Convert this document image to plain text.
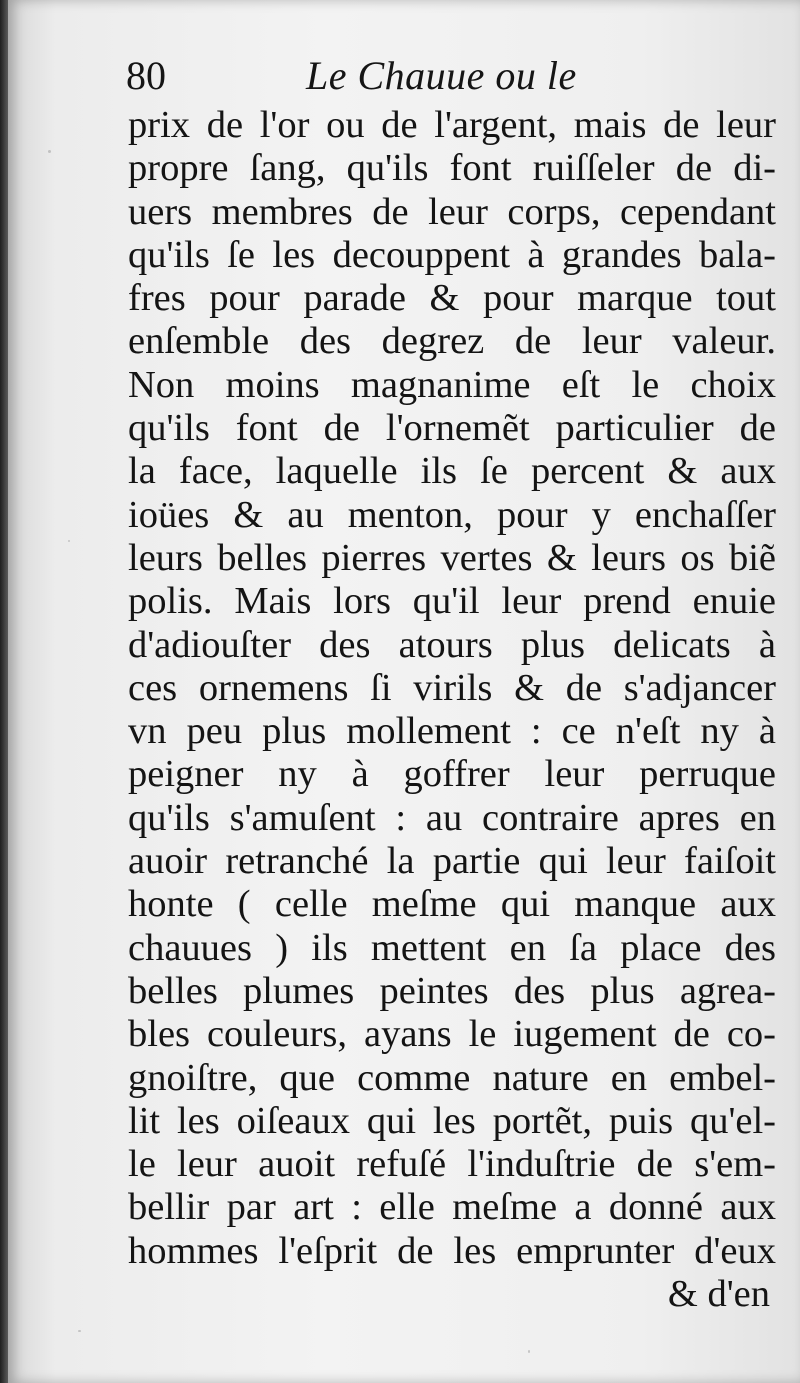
80	Le Chauue ou le
prix de l'or ou de l'argent, mais de leur
propre ſang, qu'ils font ruiſſeler de di-
uers membres de leur corps, cependant
qu'ils ſe les decouppent à grandes bala-
fres pour parade & pour marque tout
enſemble des degrez de leur valeur.
Non moins magnanime eſt le choix
qu'ils font de l'ornemẽt particulier de
la face, laquelle ils ſe percent & aux
ioües & au menton, pour y enchaſſer
leurs belles pierres vertes & leurs os biẽ
polis. Mais lors qu'il leur prend enuie
d'adiouſter des atours plus delicats à
ces ornemens ſi virils & de s'adjancer
vn peu plus mollement : ce n'eſt ny à
peigner ny à goffrer leur perruque
qu'ils s'amuſent : au contraire apres en
auoir retranché la partie qui leur faiſoit
honte ( celle meſme qui manque aux
chauues ) ils mettent en ſa place des
belles plumes peintes des plus agrea-
bles couleurs, ayans le iugement de co-
gnoiſtre, que comme nature en embel-
lit les oiſeaux qui les portẽt, puis qu'el-
le leur auoit refuſé l'induſtrie de s'em-
bellir par art : elle meſme a donné aux
hommes l'eſprit de les emprunter d'eux
& d'en
